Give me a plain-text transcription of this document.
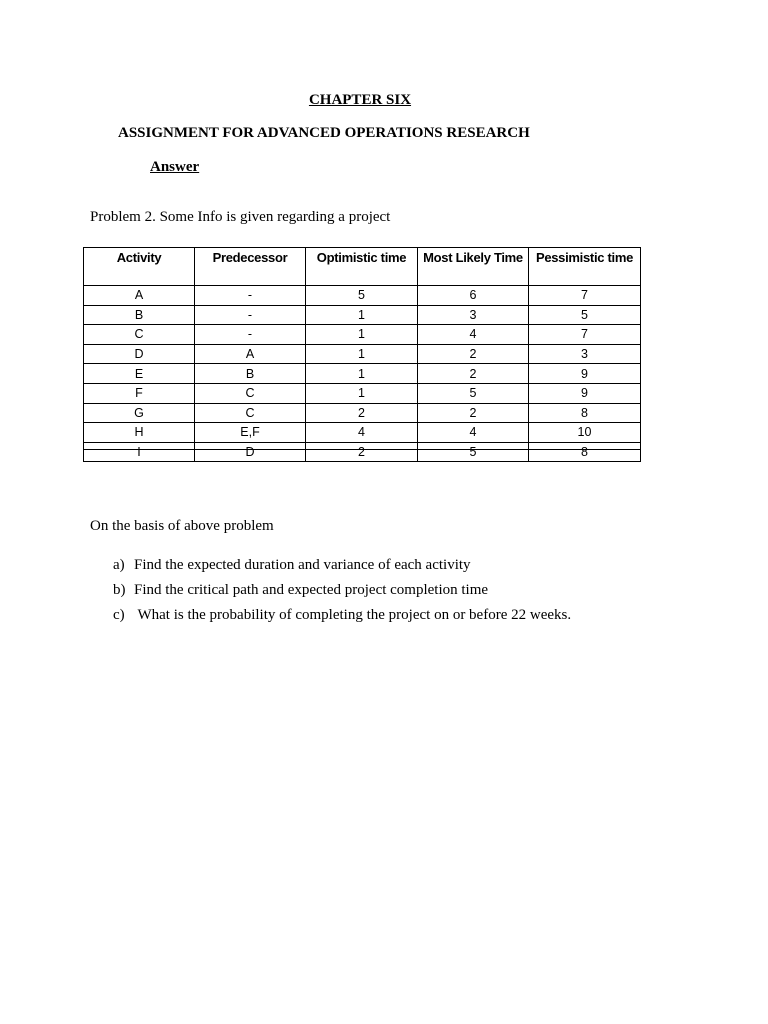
CHAPTER SIX
ASSIGNMENT FOR ADVANCED OPERATIONS RESEARCH
Answer
Problem 2. Some Info is given regarding a project
Activity	Predecessor	Optimistic time	Most Likely Time	Pessimistic time
A	-	5	6	7
B	-	1	3	5
C	-	1	4	7
D	A	1	2	3
E	B	1	2	9
F	C	1	5	9
G	C	2	2	8
H	E,F	4	4	10
I	D	2	5	8
On the basis of above problem
a) Find the expected duration and variance of each activity
b) Find the critical path and expected project completion time
c) What is the probability of completing the project on or before 22 weeks.
